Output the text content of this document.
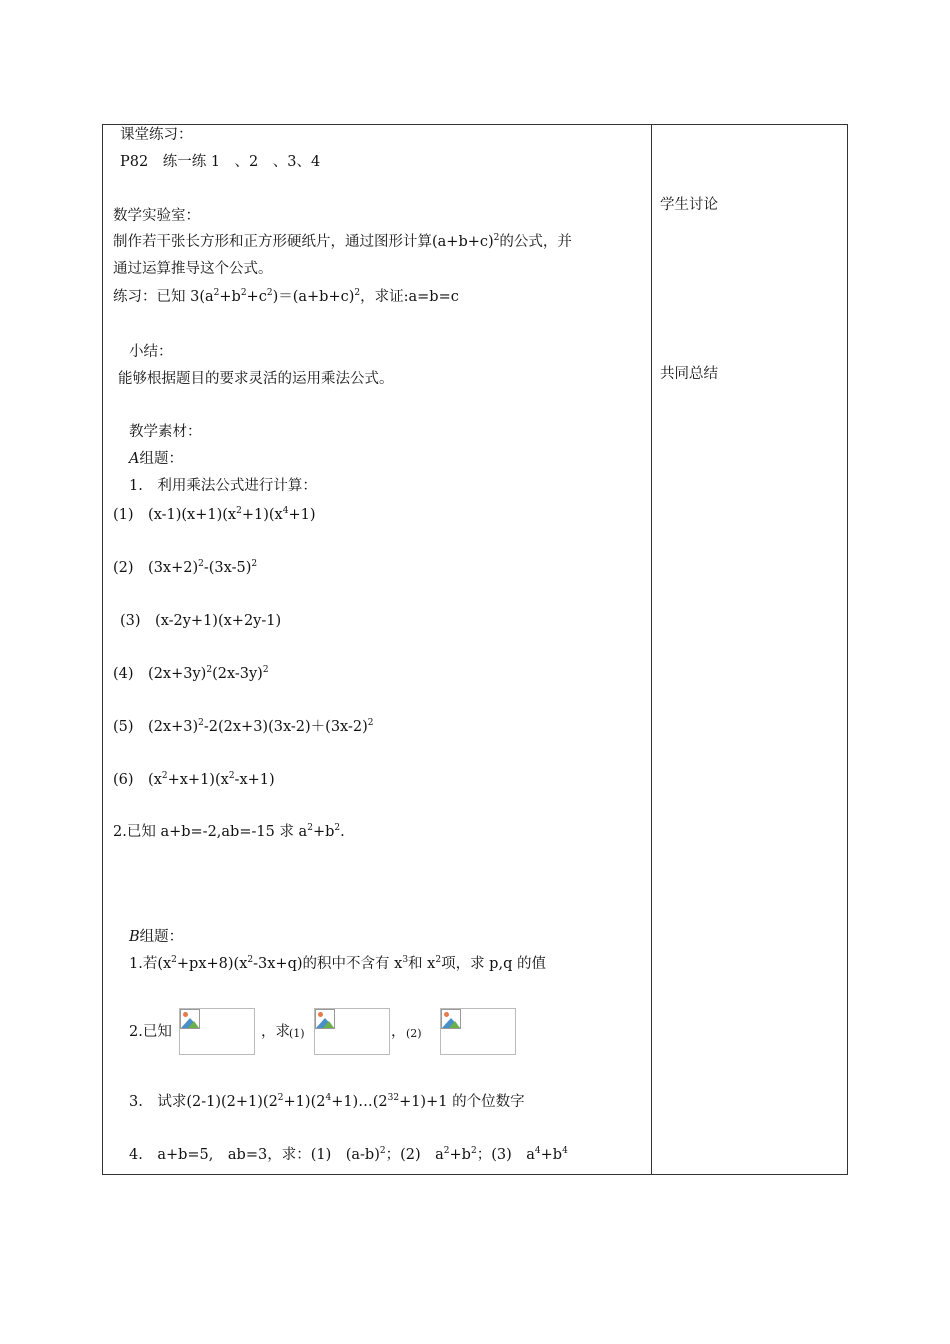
课堂练习：
P82　练一练 1　、2　、3、4
数学实验室：
制作若干张长方形和正方形硬纸片，通过图形计算$(a+b+c)^2$的公式，并
通过运算推导这个公式。
练习：已知 $3(a^2+b^2+c^2)=(a+b+c)^2$，求证:a=b=c
小结：
能够根据题目的要求灵活的运用乘法公式。
教学素材：
A组题：
1.　利用乘法公式进行计算：
(1)　$(x-1)(x+1)(x^2+1)(x^4+1)$
(2)　$(3x+2)^2-(3x-5)^2$
(3)　(x-2y+1)(x+2y-1)
(4)　$(2x+3y)^2(2x-3y)^2$
(5)　$(2x+3)^2-2(2x+3)(3x-2)+(3x-2)^2$
(6)　$(x^2+x+1)(x^2-x+1)$
2.已知 a+b=-2,ab=-15 求 $a^2+b^2$.
B组题：
1.若$(x^2+px+8)(x^2-3x+q)$的积中不含有 $x^3$和 $x^2$项，求 p,q 的值
2.已知	，求 (1)	， (2)
3.　试求$(2-1)(2+1)(2^2+1)(2^4+1)\dots(2^{32}+1)+1$ 的个位数字
4.　a+b=5,　ab=3，求：(1)　$(a-b)^2$；(2)　$a^2+b^2$；(3)　$a^4+b^4$
学生讨论
共同总结
